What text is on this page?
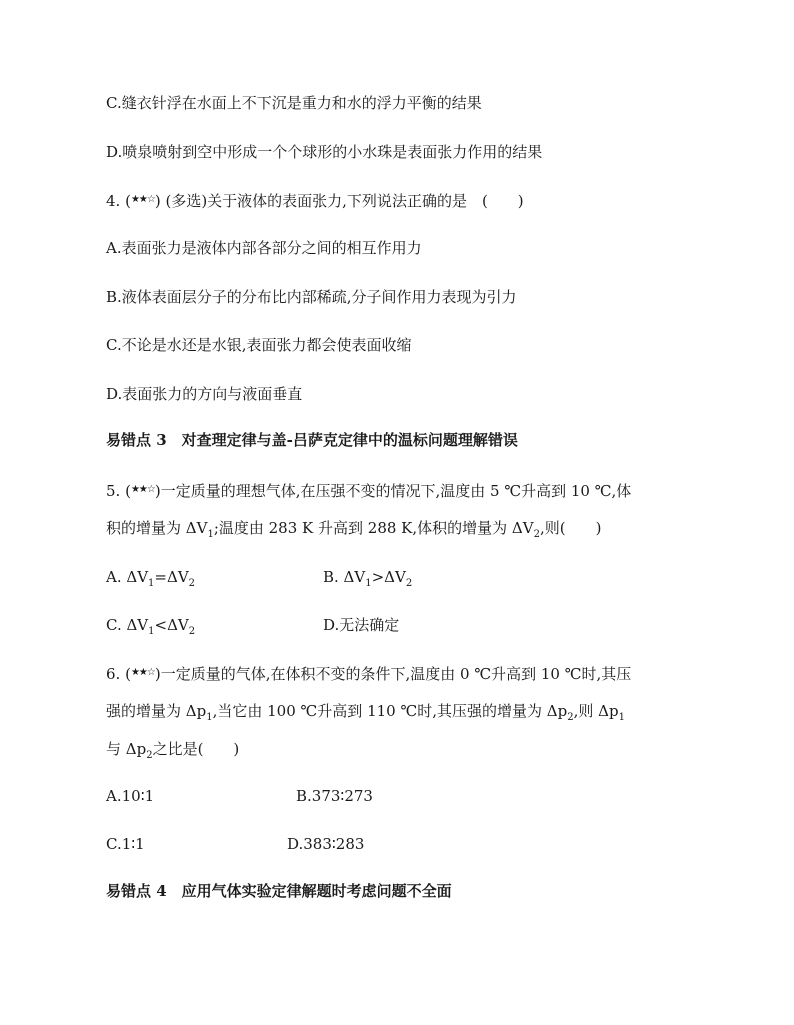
C.缝衣针浮在水面上不下沉是重力和水的浮力平衡的结果
D.喷泉喷射到空中形成一个个球形的小水珠是表面张力作用的结果
4. (★★☆) (多选)关于液体的表面张力,下列说法正确的是　(　　)
A.表面张力是液体内部各部分之间的相互作用力
B.液体表面层分子的分布比内部稀疏,分子间作用力表现为引力
C.不论是水还是水银,表面张力都会使表面收缩
D.表面张力的方向与液面垂直
易错点 3　对查理定律与盖-吕萨克定律中的温标问题理解错误
5. (★★☆)一定质量的理想气体,在压强不变的情况下,温度由 5 ℃升高到 10 ℃,体
积的增量为 $\Delta V_1$;温度由 283 K 升高到 288 K,体积的增量为 $\Delta V_2$,则(　　)
A. $\Delta V_1=\Delta V_2$	B. $\Delta V_1>\Delta V_2$
C. $\Delta V_1<\Delta V_2$	D.无法确定
6. (★★☆)一定质量的气体,在体积不变的条件下,温度由 0 ℃升高到 10 ℃时,其压
强的增量为 $\Delta p_1$,当它由 100 ℃升高到 110 ℃时,其压强的增量为 $\Delta p_2$,则 $\Delta p_1$
与 $\Delta p_2$之比是(　　)
A.10∶1	B.373∶273
C.1∶1	D.383∶283
易错点 4　应用气体实验定律解题时考虑问题不全面
